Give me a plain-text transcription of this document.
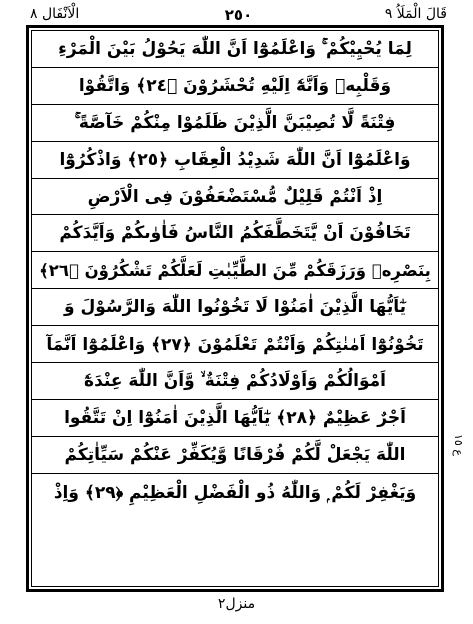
الْاَنْفَال ٨	٢٥٠	قَالَ الْمَلَاُ ٩
لِمَا يُحْيِيْكُمْ ۚ وَاعْلَمُوْٓا اَنَّ اللّٰهَ يَحُوْلُ بَيْنَ الْمَرْءِ
وَقَلْبِهٖ وَاَنَّهٗٓ اِلَيْهِ تُحْشَرُوْنَ ﴿٢٤﴾ وَاتَّقُوْا
فِتْنَةً لَّا تُصِيْبَنَّ الَّذِيْنَ ظَلَمُوْا مِنْكُمْ خَآصَّةً ۚ
وَاعْلَمُوْٓا اَنَّ اللّٰهَ شَدِيْدُ الْعِقَابِ ﴿٢٥﴾ وَاذْكُرُوْٓا
اِذْ اَنْتُمْ قَلِيْلٌ مُّسْتَضْعَفُوْنَ فِى الْاَرْضِ
تَخَافُوْنَ اَنْ يَّتَخَطَّفَكُمُ النَّاسُ فَاٰوٰىكُمْ وَاَيَّدَكُمْ
بِنَصْرِهٖ وَرَزَقَكُمْ مِّنَ الطَّيِّبٰتِ لَعَلَّكُمْ تَشْكُرُوْنَ ﴿٢٦﴾
يٰٓاَيُّهَا الَّذِيْنَ اٰمَنُوْا لَا تَخُوْنُوا اللّٰهَ وَالرَّسُوْلَ وَ
تَخُوْنُوْٓا اَمٰنٰتِكُمْ وَاَنْتُمْ تَعْلَمُوْنَ ﴿٢٧﴾ وَاعْلَمُوْٓا اَنَّمَآ
اَمْوَالُكُمْ وَاَوْلَادُكُمْ فِتْنَةٌ ۙ وَّاَنَّ اللّٰهَ عِنْدَهٗٓ
اَجْرٌ عَظِيْمٌ ﴿٢٨﴾ يٰٓاَيُّهَا الَّذِيْنَ اٰمَنُوْٓا اِنْ تَتَّقُوا
اللّٰهَ يَجْعَلْ لَّكُمْ فُرْقَانًا وَّيُكَفِّرْ عَنْكُمْ سَيِّاٰتِكُمْ
وَيَغْفِرْ لَكُمْ ۭ وَاللّٰهُ ذُو الْفَضْلِ الْعَظِيْمِ ﴿٢٩﴾ وَاِذْ
ع ١٥
منزل٢
